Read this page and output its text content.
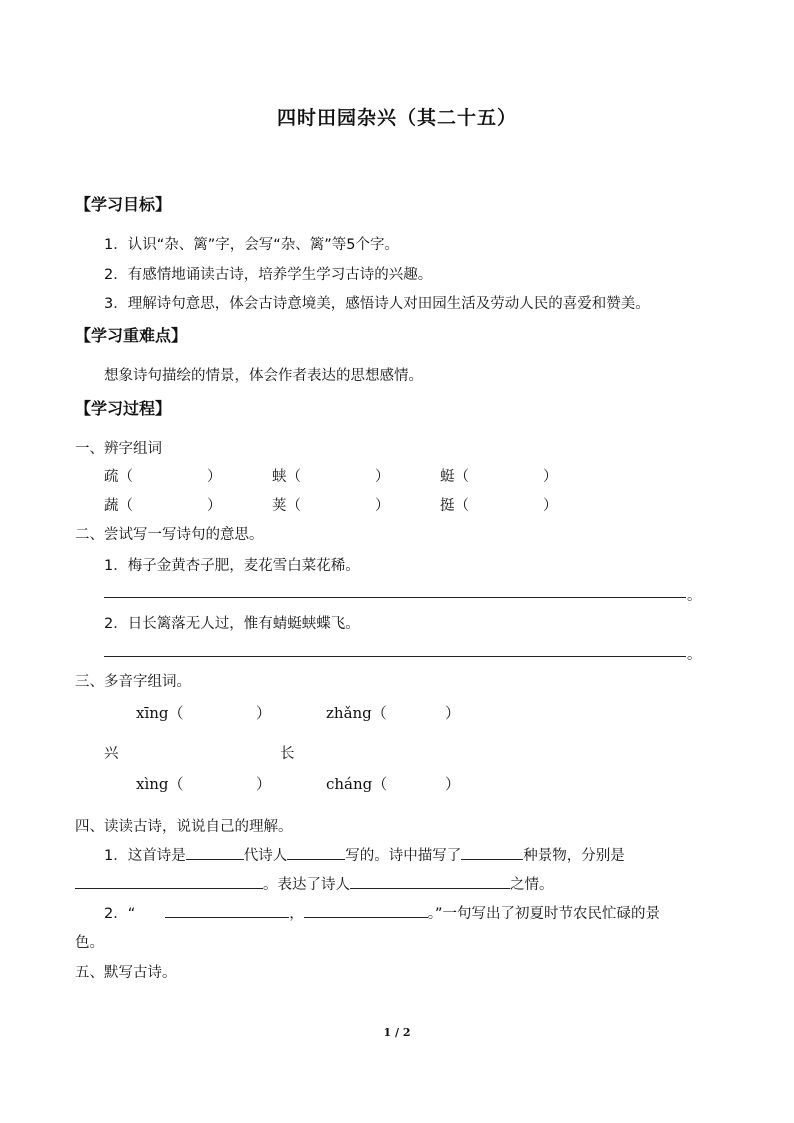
四时田园杂兴（其二十五）
【学习目标】
1．认识“杂、篱”字，会写“杂、篱”等5个字。
2．有感情地诵读古诗，培养学生学习古诗的兴趣。
3．理解诗句意思，体会古诗意境美，感悟诗人对田园生活及劳动人民的喜爱和赞美。
【学习重难点】
想象诗句描绘的情景，体会作者表达的思想感情。
【学习过程】
一、辨字组词
疏（	）	蛱（	）	蜓（	）
蔬（	）	荚（	）	挺（	）
二、尝试写一写诗句的意思。
1．梅子金黄杏子肥，麦花雪白菜花稀。
。
2．日长篱落无人过，惟有蜻蜓蛱蝶飞。
。
三、多音字组词。
xīng（	）	zhǎng（	）
兴	长
xìng（	）	cháng（	）
四、读读古诗，说说自己的理解。
1．这首诗是	代诗人	写的。诗中描写了	种景物，分别是
。表达了诗人	之情。
2．“	，	。”一句写出了初夏时节农民忙碌的景
色。
五、默写古诗。
1 / 2
